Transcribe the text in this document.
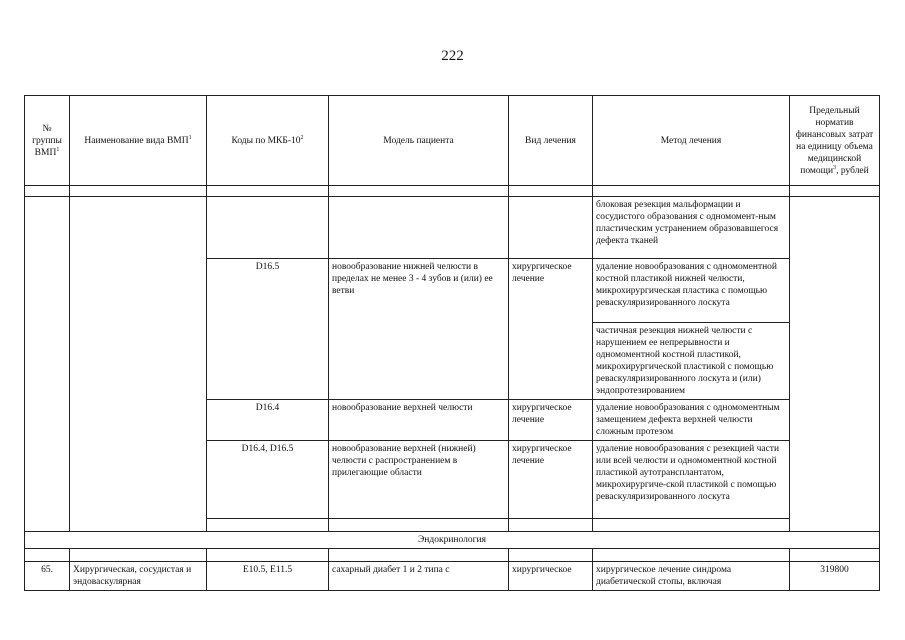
222
№ группы ВМП$^1$	Наименование вида ВМП$^1$	Коды по МКБ-$10^2$	Модель пациента	Вид лечения	Метод лечения	Предельный норматив финансовых затрат на единицу объема медицинской помощи$^3$, рублей

					блоковая резекция мальформации и сосудистого образования с одномомент-ным пластическим устранением образовавшегося дефекта тканей	
		D16.5	новообразование нижней челюсти в пределах не менее 3 - 4 зубов и (или) ее ветви	хирургическое лечение	удаление новообразования с одномоментной костной пластикой нижней челюсти, микрохирургическая пластика с помощью реваскуляризированного лоскута	
					частичная резекция нижней челюсти с нарушением ее непрерывности и одномоментной костной пластикой, микрохирургической пластикой с помощью реваскуляризированного лоскута и (или) эндопротезированием	
		D16.4	новообразование верхней челюсти	хирургическое лечение	удаление новообразования с одномоментным замещением дефекта верхней челюсти сложным протезом	
		D16.4, D16.5	новообразование верхней (нижней) челюсти с распространением в прилегающие области	хирургическое лечение	удаление новообразования с резекцией части или всей челюсти и одномоментной костной пластикой аутотрансплантатом, микрохирургиче-ской пластикой с помощью реваскуляризированного лоскута	

Эндокринология						

65.	Хирургическая, сосудистая и эндоваскулярная	E10.5, E11.5	сахарный диабет 1 и 2 типа с	хирургическое	хирургическое лечение синдрома диабетической стопы, включая	319800
